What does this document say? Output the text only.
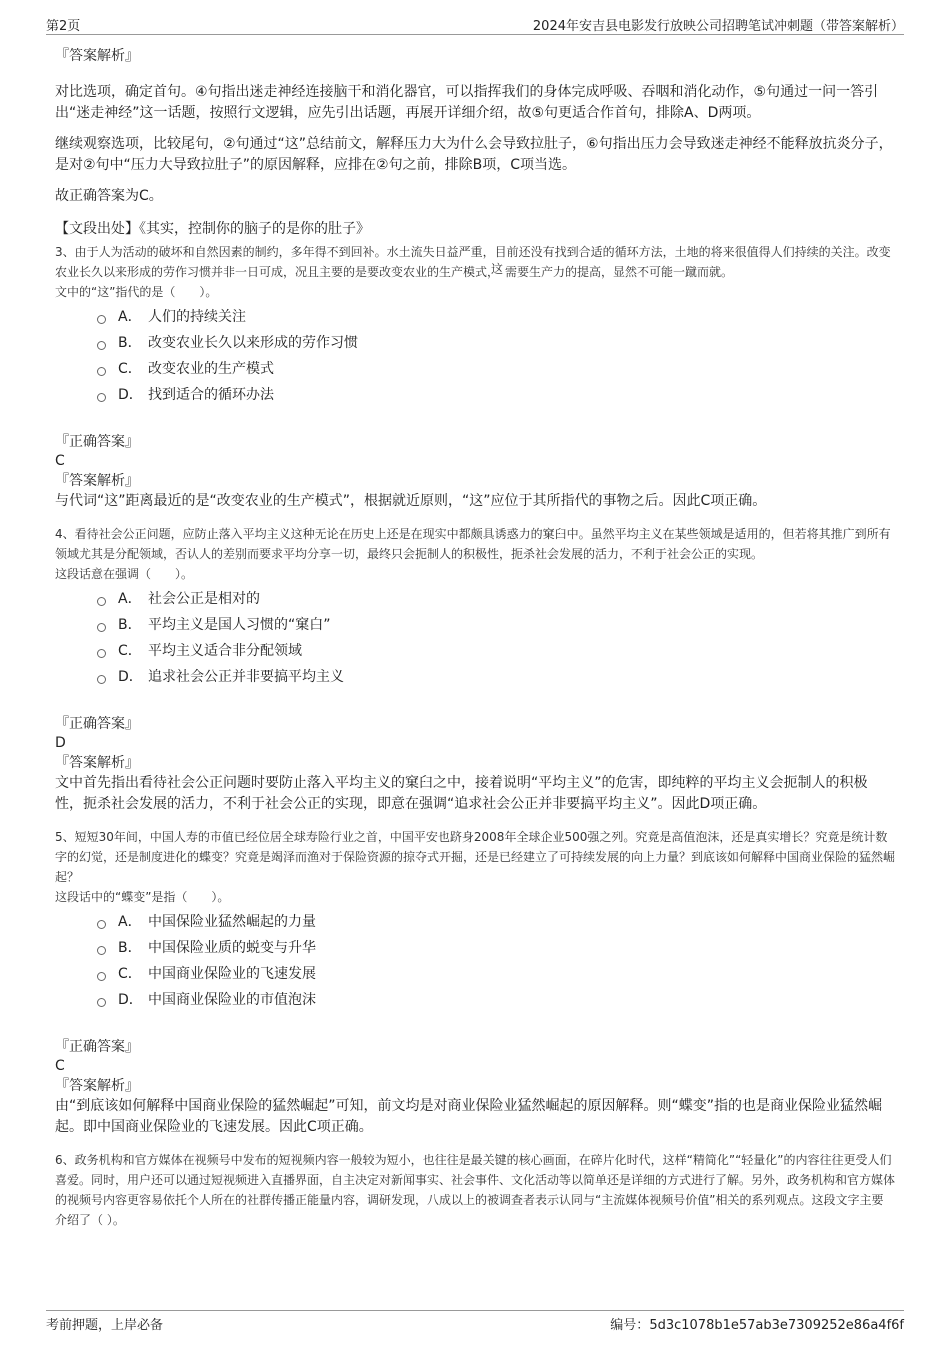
第2页	2024年安吉县电影发行放映公司招聘笔试冲刺题（带答案解析）
『答案解析』

对比选项，确定首句。④句指出迷走神经连接脑干和消化器官，可以指挥我们的身体完成呼吸、吞咽和消化动作，⑤句通过一问一答引出“迷走神经”这一话题，按照行文逻辑，应先引出话题，再展开详细介绍，故⑤句更适合作首句，排除A、D两项。

继续观察选项，比较尾句，②句通过“这”总结前文，解释压力大为什么会导致拉肚子，⑥句指出压力会导致迷走神经不能释放抗炎分子，是对②句中“压力大导致拉肚子”的原因解释，应排在②句之前，排除B项，C项当选。

故正确答案为C。

【文段出处】《其实，控制你的脑子的是你的肚子》

3、由于人为活动的破坏和自然因素的制约，多年得不到回补。水土流失日益严重，目前还没有找到合适的循环方法，土地的将来很值得人们持续的关注。改变农业长久以来形成的劳作习惯并非一日可成，况且主要的是要改变农业的生产模式，
这
　 需要生产力的提高，显然不可能一蹴而就。

文中的“这”指代的是（　　）。

A． 人们的持续关注
B． 改变农业长久以来形成的劳作习惯
C． 改变农业的生产模式
D． 找到适合的循环办法
『正确答案』
C
『答案解析』

与代词“这”距离最近的是“改变农业的生产模式”，根据就近原则，“这”应位于其所指代的事物之后。因此C项正确。

4、看待社会公正问题，应防止落入平均主义这种无论在历史上还是在现实中都颇具诱惑力的窠臼中。虽然平均主义在某些领域是适用的，但若将其推广到所有领域尤其是分配领域，否认人的差别而要求平均分享一切，最终只会扼制人的积极性，扼杀社会发展的活力，不利于社会公正的实现。

这段话意在强调（　　）。

A． 社会公正是相对的
B． 平均主义是国人习惯的“窠白”
C． 平均主义适合非分配领域
D． 追求社会公正并非要搞平均主义
『正确答案』
D
『答案解析』

文中首先指出看待社会公正问题时要防止落入平均主义的窠臼之中，接着说明“平均主义”的危害，即纯粹的平均主义会扼制人的积极性，扼杀社会发展的活力，不利于社会公正的实现，即意在强调“追求社会公正并非要搞平均主义”。因此D项正确。

5、短短30年间，中国人寿的市值已经位居全球寿险行业之首，中国平安也跻身2008年全球企业500强之列。究竟是高值泡沫，还是真实增长？究竟是统计数字的幻觉，还是制度进化的蝶变？究竟是竭泽而渔对于保险资源的掠夺式开掘，还是已经建立了可持续发展的向上力量？到底该如何解释中国商业保险的猛然崛起？

这段话中的“蝶变”是指（　　）。

A． 中国保险业猛然崛起的力量
B． 中国保险业质的蜕变与升华
C． 中国商业保险业的飞速发展
D． 中国商业保险业的市值泡沫
『正确答案』
C
『答案解析』

由“到底该如何解释中国商业保险的猛然崛起”可知，前文均是对商业保险业猛然崛起的原因解释。则“蝶变”指的也是商业保险业猛然崛起。即中国商业保险业的飞速发展。因此C项正确。

6、政务机构和官方媒体在视频号中发布的短视频内容一般较为短小，也往往是最关键的核心画面，在碎片化时代，这样“精简化”“轻量化”的内容往往更受人们喜爱。同时，用户还可以通过短视频进入直播界面，自主决定对新闻事实、社会事件、文化活动等以简单还是详细的方式进行了解。另外，政务机构和官方媒体的视频号内容更容易依托个人所在的社群传播正能量内容，调研发现，八成以上的被调查者表示认同与“主流媒体视频号价值”相关的系列观点。这段文字主要介绍了（ ）。

考前押题，上岸必备	编号：5d3c1078b1e57ab3e7309252e86a4f6f
